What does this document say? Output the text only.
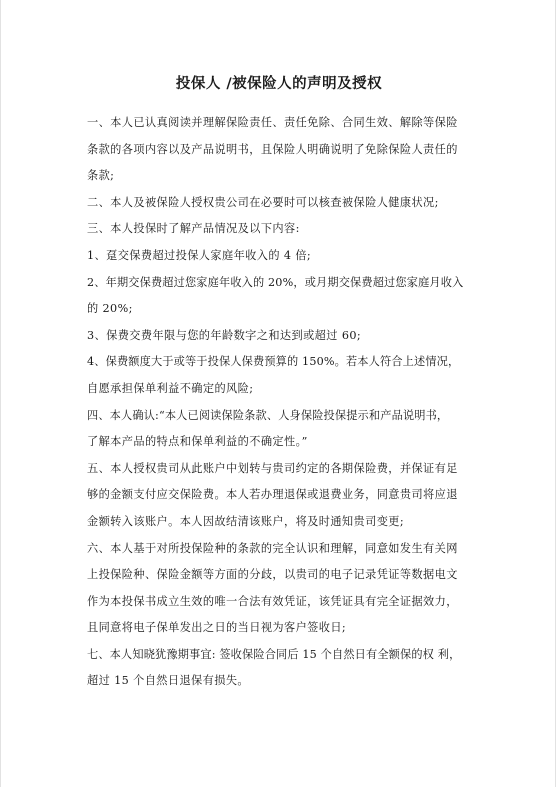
投保人 /被保险人的声明及授权
一、本人已认真阅读并理解保险责任、责任免除、合同生效、解除等保险
条款的各项内容以及产品说明书，且保险人明确说明了免除保险人责任的
条款;
二、本人及被保险人授权贵公司在必要时可以核查被保险人健康状况;
三、本人投保时了解产品情况及以下内容:
1、趸交保费超过投保人家庭年收入的 4 倍;
2、年期交保费超过您家庭年收入的 20%，或月期交保费超过您家庭月收入
的 20%;
3、保费交费年限与您的年龄数字之和达到或超过 60;
4、保费额度大于或等于投保人保费预算的 150%。若本人符合上述情况，
自愿承担保单利益不确定的风险;
四、本人确认:“本人已阅读保险条款、人身保险投保提示和产品说明书，
了解本产品的特点和保单利益的不确定性。”
五、本人授权贵司从此账户中划转与贵司约定的各期保险费，并保证有足
够的金额支付应交保险费。本人若办理退保或退费业务，同意贵司将应退
金额转入该账户。本人因故结清该账户，将及时通知贵司变更;
六、本人基于对所投保险种的条款的完全认识和理解，同意如发生有关网
上投保险种、保险金额等方面的分歧，以贵司的电子记录凭证等数据电文
作为本投保书成立生效的唯一合法有效凭证，该凭证具有完全证据效力，
且同意将电子保单发出之日的当日视为客户签收日;
七、本人知晓犹豫期事宜: 签收保险合同后 15 个自然日有全额保的权 利，
超过 15 个自然日退保有损失。
